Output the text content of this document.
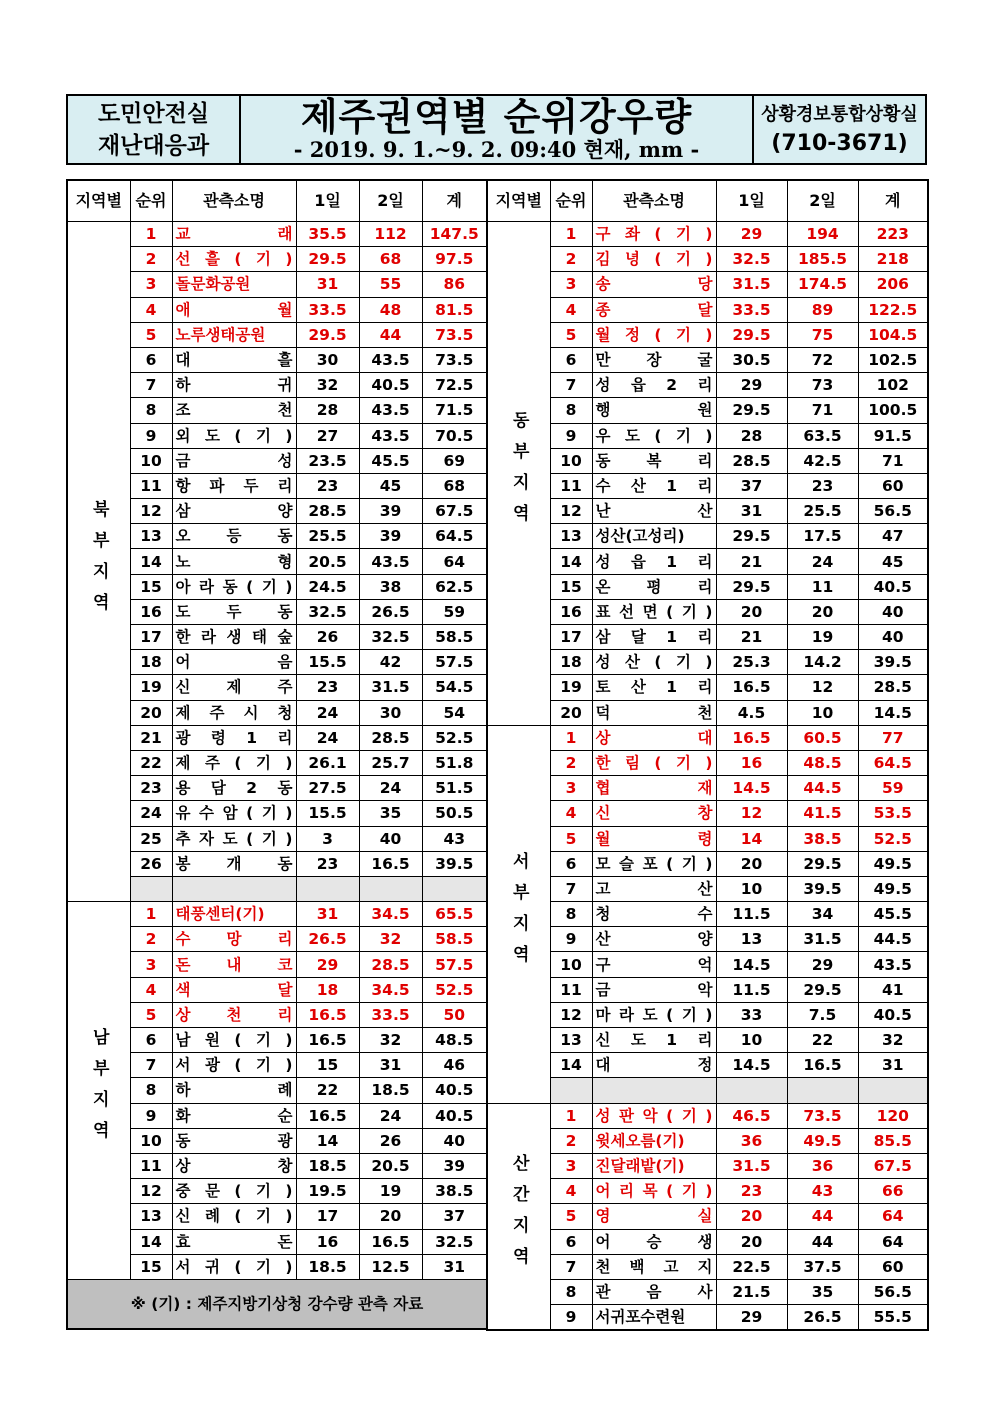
도민안전실
재난대응과
제주권역별 순위강우량
- 2019. 9. 1.~9. 2. 09:40 현재, mm -
상황경보통합상황실
(710-3671)
지역별	순위	관측소명	1일	2일	계
북부지역	1	교 래	35.5	112	147.5
	2	선 흘 ( 기 )	29.5	68	97.5
	3	돌문화공원	31	55	86
	4	애 월	33.5	48	81.5
	5	노루생태공원	29.5	44	73.5
	6	대 흘	30	43.5	73.5
	7	하 귀	32	40.5	72.5
	8	조 천	28	43.5	71.5
	9	외 도 ( 기 )	27	43.5	70.5
	10	금 성	23.5	45.5	69
	11	항 파 두 리	23	45	68
	12	삼 양	28.5	39	67.5
	13	오 등 동	25.5	39	64.5
	14	노 형	20.5	43.5	64
	15	아 라 동 ( 기 )	24.5	38	62.5
	16	도 두 동	32.5	26.5	59
	17	한 라 생 태 숲	26	32.5	58.5
	18	어 음	15.5	42	57.5
	19	신 제 주	23	31.5	54.5
	20	제 주 시 청	24	30	54
	21	광 령 1 리	24	28.5	52.5
	22	제 주 ( 기 )	26.1	25.7	51.8
	23	용 담 2 동	27.5	24	51.5
	24	유 수 암 ( 기 )	15.5	35	50.5
	25	추 자 도 ( 기 )	3	40	43
	26	봉 개 동	23	16.5	39.5

남부지역	1	태풍센터(기)	31	34.5	65.5
	2	수 망 리	26.5	32	58.5
	3	돈 내 코	29	28.5	57.5
	4	색 달	18	34.5	52.5
	5	상 천 리	16.5	33.5	50
	6	남 원 ( 기 )	16.5	32	48.5
	7	서 광 ( 기 )	15	31	46
	8	하 례	22	18.5	40.5
	9	화 순	16.5	24	40.5
	10	동 광	14	26	40
	11	상 창	18.5	20.5	39
	12	중 문 ( 기 )	19.5	19	38.5
	13	신 례 ( 기 )	17	20	37
	14	효 돈	16	16.5	32.5
	15	서 귀 ( 기 )	18.5	12.5	31
※ (기) : 제주지방기상청 강수량 관측 자료					
지역별	순위	관측소명	1일	2일	계
동부지역	1	구 좌 ( 기 )	29	194	223
	2	김 녕 ( 기 )	32.5	185.5	218
	3	송 당	31.5	174.5	206
	4	종 달	33.5	89	122.5
	5	월 정 ( 기 )	29.5	75	104.5
	6	만 장 굴	30.5	72	102.5
	7	성 읍 2 리	29	73	102
	8	행 원	29.5	71	100.5
	9	우 도 ( 기 )	28	63.5	91.5
	10	동 복 리	28.5	42.5	71
	11	수 산 1 리	37	23	60
	12	난 산	31	25.5	56.5
	13	성산(고성리)	29.5	17.5	47
	14	성 읍 1 리	21	24	45
	15	온 평 리	29.5	11	40.5
	16	표 선 면 ( 기 )	20	20	40
	17	삼 달 1 리	21	19	40
	18	성 산 ( 기 )	25.3	14.2	39.5
	19	토 산 1 리	16.5	12	28.5
	20	덕 천	4.5	10	14.5
서부지역	1	상 대	16.5	60.5	77
	2	한 림 ( 기 )	16	48.5	64.5
	3	협 재	14.5	44.5	59
	4	신 창	12	41.5	53.5
	5	월 령	14	38.5	52.5
	6	모 슬 포 ( 기 )	20	29.5	49.5
	7	고 산	10	39.5	49.5
	8	청 수	11.5	34	45.5
	9	산 양	13	31.5	44.5
	10	구 억	14.5	29	43.5
	11	금 악	11.5	29.5	41
	12	마 라 도 ( 기 )	33	7.5	40.5
	13	신 도 1 리	10	22	32
	14	대 정	14.5	16.5	31

산간지역	1	성 판 악 ( 기 )	46.5	73.5	120
	2	윗세오름(기)	36	49.5	85.5
	3	진달래밭(기)	31.5	36	67.5
	4	어 리 목 ( 기 )	23	43	66
	5	영 실	20	44	64
	6	어 승 생	20	44	64
	7	천 백 고 지	22.5	37.5	60
	8	관 음 사	21.5	35	56.5
	9	서귀포수련원	29	26.5	55.5
